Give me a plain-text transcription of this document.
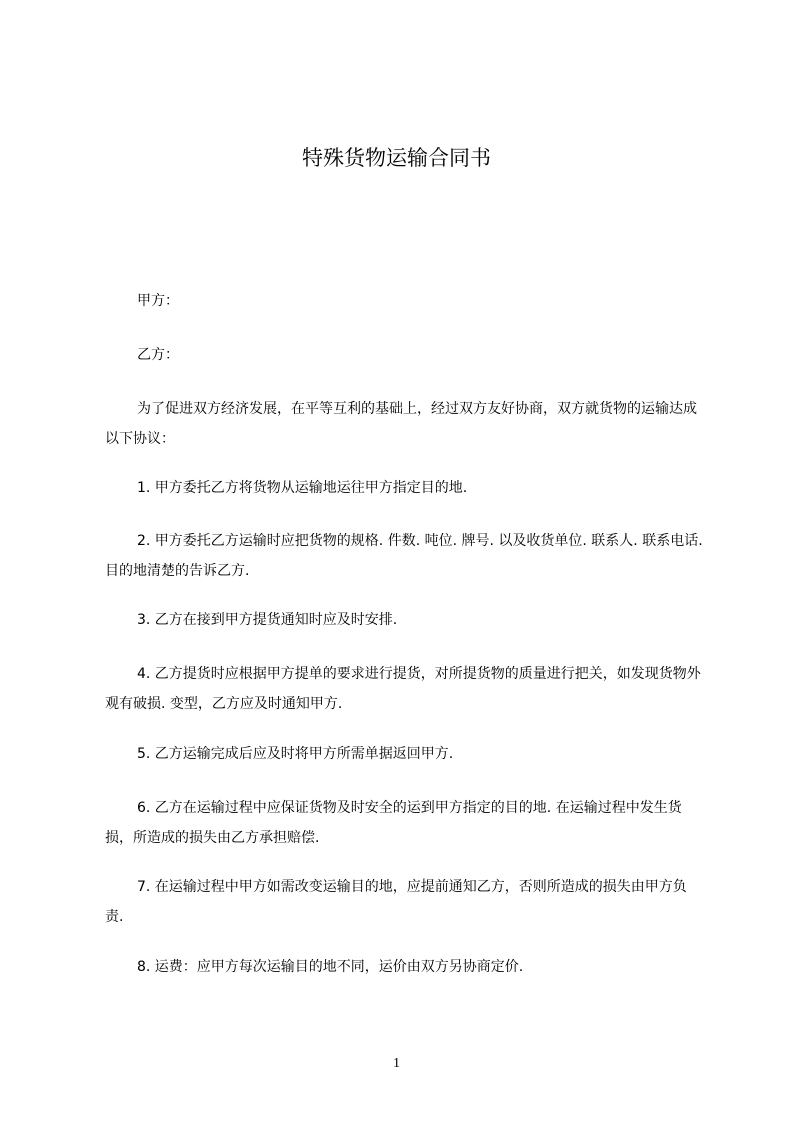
特殊货物运输合同书
甲方：
乙方：
为了促进双方经济发展，在平等互利的基础上，经过双方友好协商，双方就货物的运输达成以下协议：
1. 甲方委托乙方将货物从运输地运往甲方指定目的地.
2. 甲方委托乙方运输时应把货物的规格. 件数. 吨位. 牌号. 以及收货单位. 联系人. 联系电话. 目的地清楚的告诉乙方.
3. 乙方在接到甲方提货通知时应及时安排.
4. 乙方提货时应根据甲方提单的要求进行提货，对所提货物的质量进行把关，如发现货物外观有破损. 变型，乙方应及时通知甲方.
5. 乙方运输完成后应及时将甲方所需单据返回甲方.
6. 乙方在运输过程中应保证货物及时安全的运到甲方指定的目的地. 在运输过程中发生货损，所造成的损失由乙方承担赔偿.
7. 在运输过程中甲方如需改变运输目的地，应提前通知乙方，否则所造成的损失由甲方负责.
8. 运费：应甲方每次运输目的地不同，运价由双方另协商定价.
1
